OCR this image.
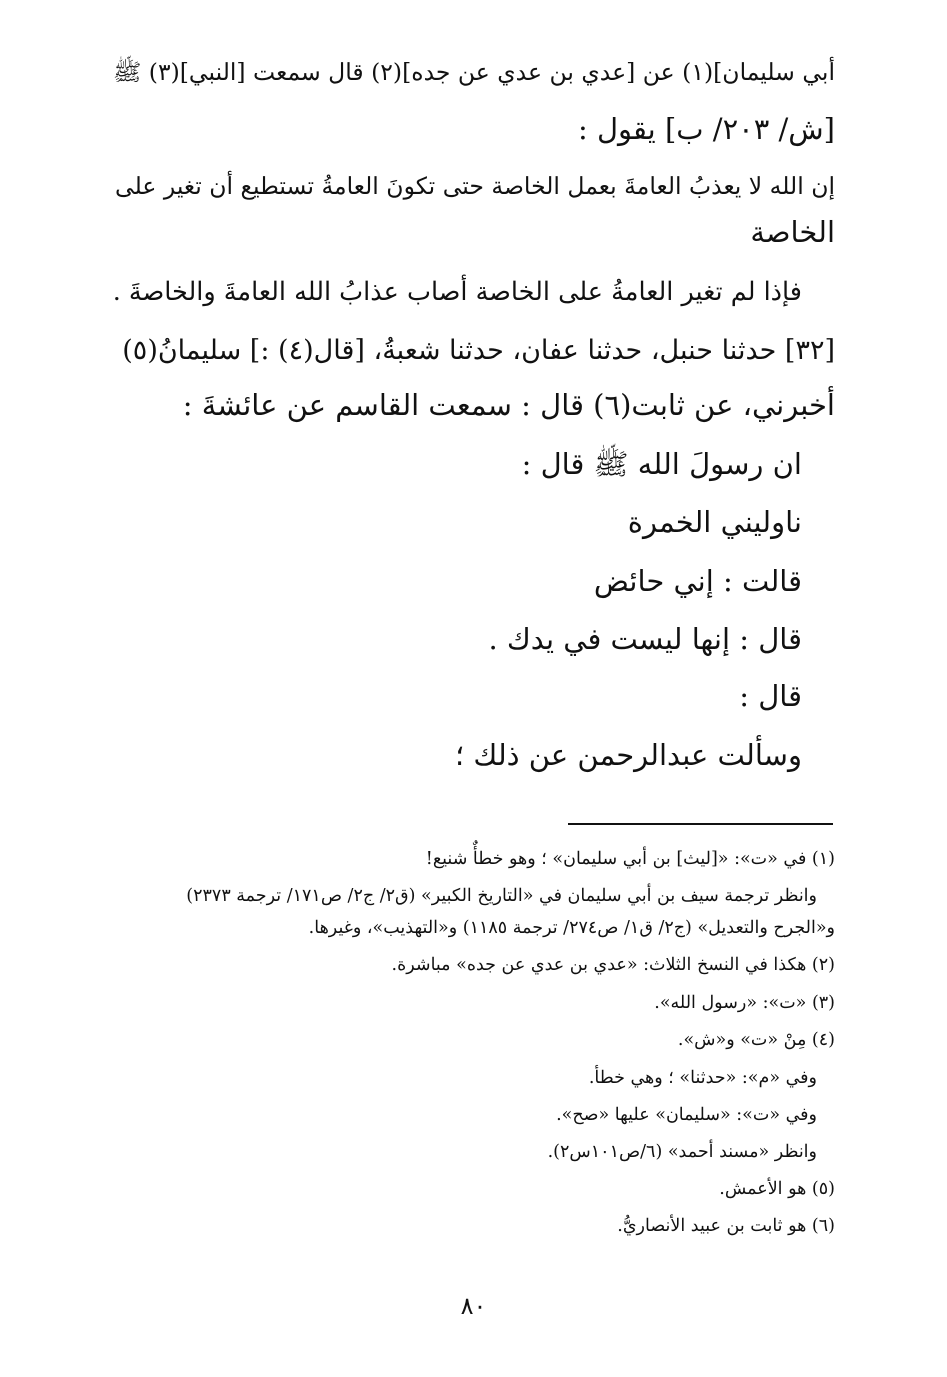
أبي سليمان](١) عن [عدي بن عدي عن جده](٢) قال سمعت [النبي](٣) ﷺ
[ش/ ٢٠٣/ ب] يقول :
إن الله لا يعذبُ العامةَ بعمل الخاصة حتى تكونَ العامةُ تستطيع أن تغير على
الخاصة
فإذا لم تغير العامةُ على الخاصة أصاب عذابُ الله العامةَ والخاصةَ .
[٣٢] حدثنا حنبل، حدثنا عفان، حدثنا شعبةُ، [قال(٤) :] سليمانُ(٥)
أخبرني، عن ثابت(٦) قال : سمعت القاسم عن عائشةَ :
ان رسولَ الله ﷺ قال :
ناوليني الخمرة
قالت : إني حائض
قال : إنها ليست في يدك .
قال :
وسألت عبدالرحمن عن ذلك ؛
(١) في «ت»: «[ليث] بن أبي سليمان» ؛ وهو خطأٌ شنيع!
وانظر ترجمة سيف بن أبي سليمان في «التاريخ الكبير» (ق٢/ ج٢/ ص١٧١/ ترجمة ٢٣٧٣)
و«الجرح والتعديل» (ج٢/ ق١/ ص٢٧٤/ ترجمة ١١٨٥) و«التهذيب»، وغيرها.
(٢) هكذا في النسخ الثلاث: «عدي بن عدي عن جده» مباشرة.
(٣) «ت»: «رسول الله».
(٤) مِنْ «ت» و«ش».
وفي «م»: «حدثنا» ؛ وهي خطأ.
وفي «ت»: «سليمان» عليها «صح».
وانظر «مسند أحمد» (٦/ص١٠١س٢).
(٥) هو الأعمش.
(٦) هو ثابت بن عبيد الأنصاريُّ.
٨٠
